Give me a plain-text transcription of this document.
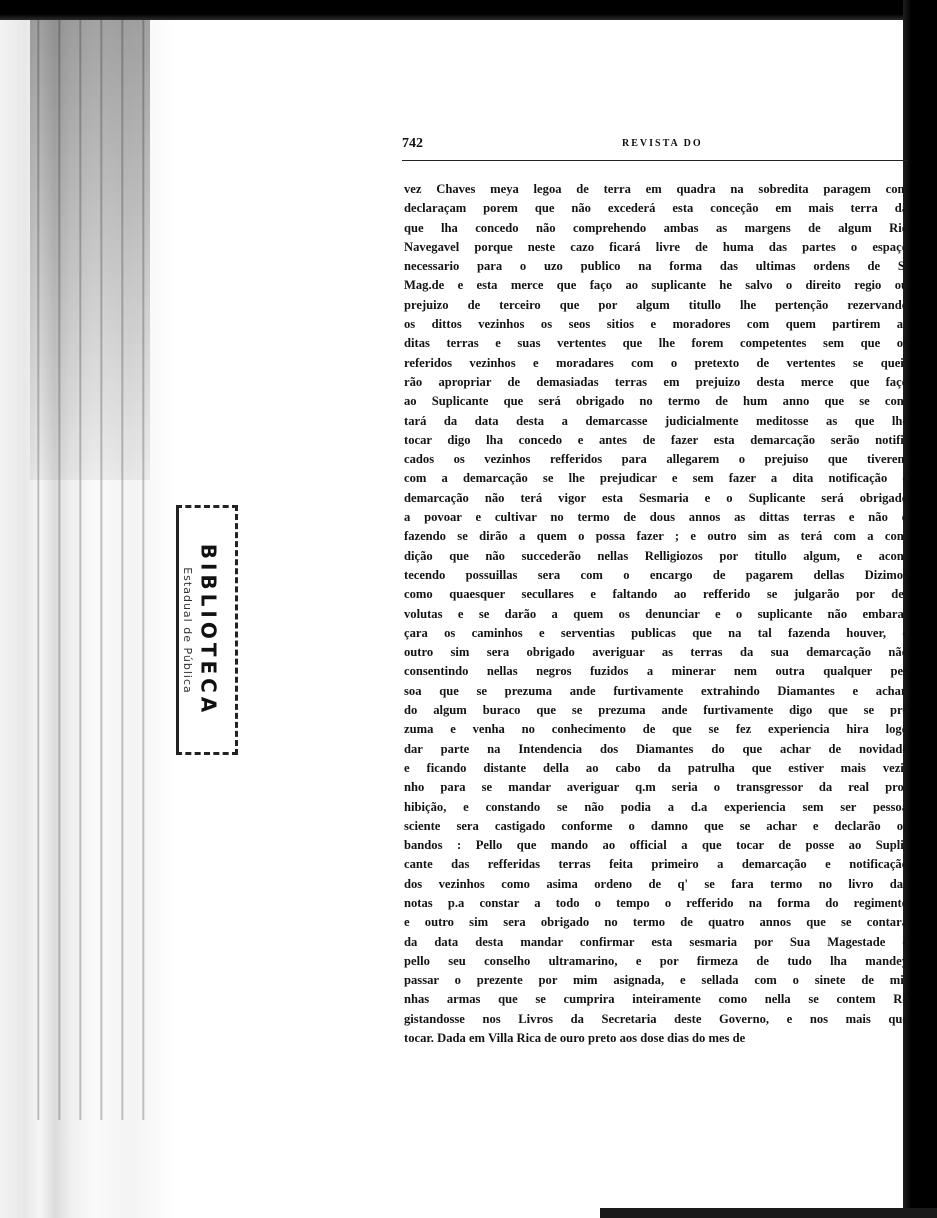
BIBLIOTECA
Estadual de Pública
742	REVISTA DO
vez Chaves meya legoa de terra em quadra na sobredita paragem com
declaraçam porem que não excederá esta conceção em mais terra da
que lha concedo não comprehendo ambas as margens de algum Rio
Navegavel porque neste cazo ficará livre de huma das partes o espaço
necessario para o uzo publico na forma das ultimas ordens de S.
Mag.de e esta merce que faço ao suplicante he salvo o direito regio ou
prejuizo de terceiro que por algum titullo lhe pertenção rezervando
os dittos vezinhos os seos sitios e moradores com quem partirem as
ditas terras e suas vertentes que lhe forem competentes sem que os
referidos vezinhos e moradares com o pretexto de vertentes se quei-
rão apropriar de demasiadas terras em prejuizo desta merce que faço
ao Suplicante que será obrigado no termo de hum anno que se con-
tará da data desta a demarcasse judicialmente meditosse as que lhe
tocar digo lha concedo e antes de fazer esta demarcação serão notifi-
cados os vezinhos refferidos para allegarem o prejuiso que tiverem
com a demarcação se lhe prejudicar e sem fazer a dita notificação e
demarcação não terá vigor esta Sesmaria e o Suplicante será obrigado
a povoar e cultivar no termo de dous annos as dittas terras e não o
fazendo se dirão a quem o possa fazer ; e outro sim as terá com a con-
dição que não succederão nellas Relligiozos por titullo algum, e acon-
tecendo possuillas sera com o encargo de pagarem dellas Dizimos
como quaesquer secullares e faltando ao refferido se julgarão por de-
volutas e se darão a quem os denunciar e o suplicante não embara-
çara os caminhos e serventias publicas que na tal fazenda houver, e
outro sim sera obrigado averiguar as terras da sua demarcação não
consentindo nellas negros fuzidos a minerar nem outra qualquer pes
soa que se prezuma ande furtivamente extrahindo Diamantes e achan
do algum buraco que se prezuma ande furtivamente digo que se pre
zuma e venha no conhecimento de que se fez experiencia hira logo
dar parte na Intendencia dos Diamantes do que achar de novidade
e ficando distante della ao cabo da patrulha que estiver mais vezi-
nho para se mandar averiguar q.m seria o transgressor da real pro-
hibição, e constando se não podia a d.a experiencia sem ser pessoa
sciente sera castigado conforme o damno que se achar e declarão os
bandos : Pello que mando ao official a que tocar de posse ao Supli-
cante das refferidas terras feita primeiro a demarcação e notificação
dos vezinhos como asima ordeno de q' se fara termo no livro das
notas p.a constar a todo o tempo o refferido na forma do regimento
e outro sim sera obrigado no termo de quatro annos que se contara
da data desta mandar confirmar esta sesmaria por Sua Magestade e
pello seu conselho ultramarino, e por firmeza de tudo lha mandey
passar o prezente por mim asignada, e sellada com o sinete de mi-
nhas armas que se cumprira inteiramente como nella se contem Re
gistandosse nos Livros da Secretaria deste Governo, e nos mais que
tocar. Dada em Villa Rica de ouro preto aos dose dias do mes de
